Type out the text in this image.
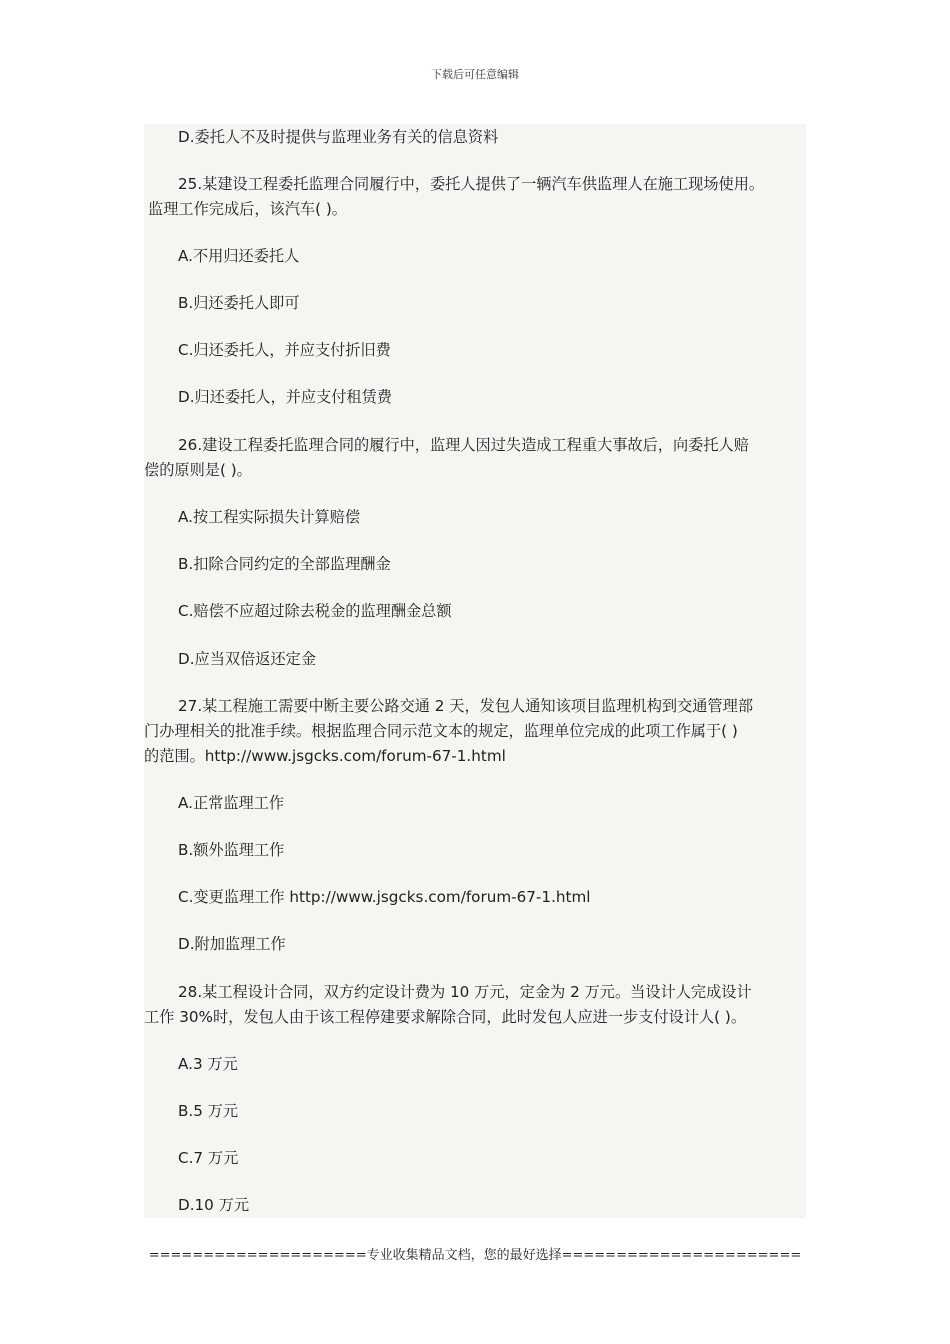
下载后可任意编辑
D.委托人不及时提供与监理业务有关的信息资料
25.某建设工程委托监理合同履行中，委托人提供了一辆汽车供监理人在施工现场使用。
监理工作完成后，该汽车( )。
A.不用归还委托人
B.归还委托人即可
C.归还委托人，并应支付折旧费
D.归还委托人，并应支付租赁费
26.建设工程委托监理合同的履行中，监理人因过失造成工程重大事故后，向委托人赔
偿的原则是( )。
A.按工程实际损失计算赔偿
B.扣除合同约定的全部监理酬金
C.赔偿不应超过除去税金的监理酬金总额
D.应当双倍返还定金
27.某工程施工需要中断主要公路交通 2 天，发包人通知该项目监理机构到交通管理部
门办理相关的批准手续。根据监理合同示范文本的规定，监理单位完成的此项工作属于( )
的范围。http://www.jsgcks.com/forum-67-1.html
A.正常监理工作
B.额外监理工作
C.变更监理工作 http://www.jsgcks.com/forum-67-1.html
D.附加监理工作
28.某工程设计合同，双方约定设计费为 10 万元，定金为 2 万元。当设计人完成设计
工作 30%时，发包人由于该工程停建要求解除合同，此时发包人应进一步支付设计人( )。
A.3 万元
B.5 万元
C.7 万元
D.10 万元
====================专业收集精品文档，您的最好选择======================
